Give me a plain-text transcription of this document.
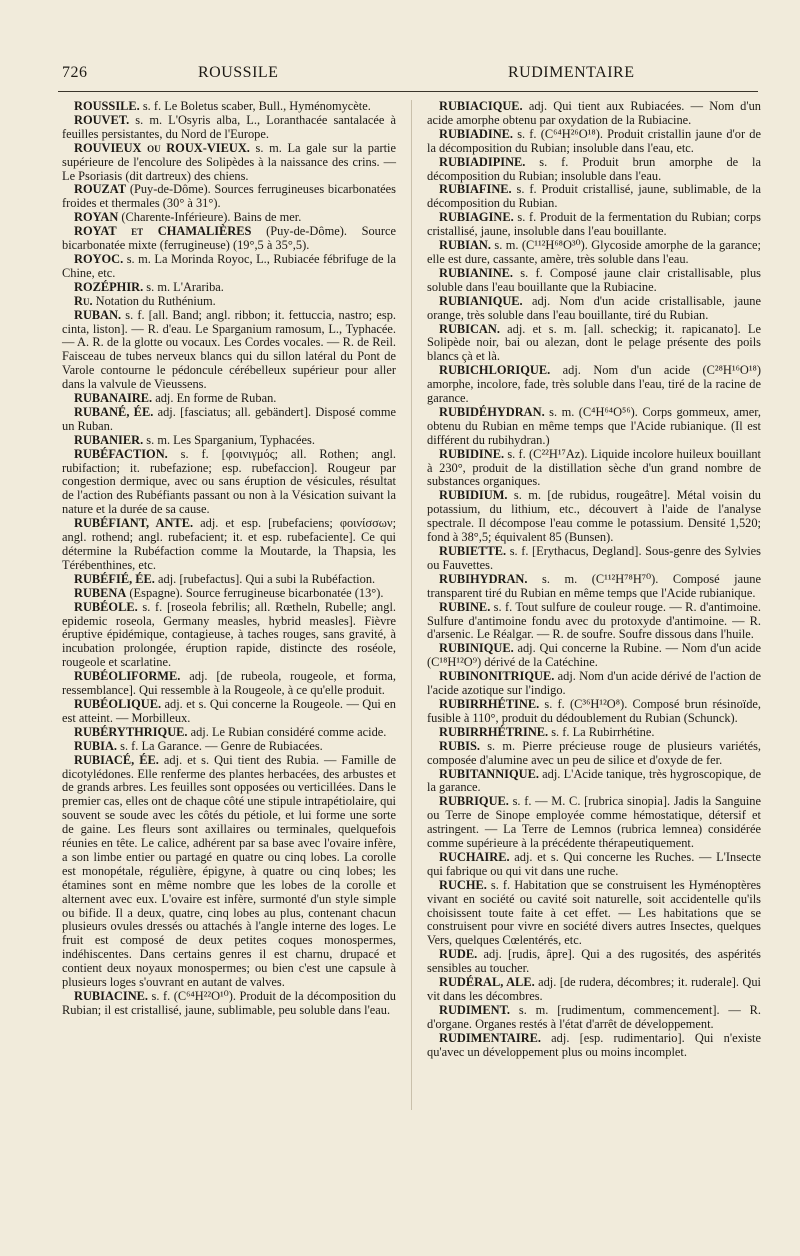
726	ROUSSILE	RUDIMENTAIRE

ROUSSILE. s. f. Le Boletus scaber, Bull., Hyménomycète.

ROUVET. s. m. L'Osyris alba, L., Loranthacée santalacée à feuilles persistantes, du Nord de l'Europe.

ROUVIEUX ou ROUX-VIEUX. s. m. La gale sur la partie supérieure de l'encolure des Solipèdes à la naissance des crins. — Le Psoriasis (dit dartreux) des chiens.

ROUZAT (Puy-de-Dôme). Sources ferrugineuses bicarbonatées froides et thermales (30° à 31°).

ROYAN (Charente-Inférieure). Bains de mer.

ROYAT et CHAMALIÈRES (Puy-de-Dôme). Source bicarbonatée mixte (ferrugineuse) (19°,5 à 35°,5).

ROYOC. s. m. La Morinda Royoc, L., Rubiacée fébrifuge de la Chine, etc.

ROZÉPHIR. s. m. L'Arariba.

Ru. Notation du Ruthénium.

RUBAN. s. f. [all. Band; angl. ribbon; it. fettuccia, nastro; esp. cinta, liston]. — R. d'eau. Le Sparganium ramosum, L., Typhacée. — A. R. de la glotte ou vocaux. Les Cordes vocales. — R. de Reil. Faisceau de tubes nerveux blancs qui du sillon latéral du Pont de Varole contourne le pédoncule cérébelleux supérieur pour aller dans la valvule de Vieussens.

RUBANAIRE. adj. En forme de Ruban.

RUBANÉ, ÉE. adj. [fasciatus; all. gebändert]. Disposé comme un Ruban.

RUBANIER. s. m. Les Sparganium, Typhacées.

RUBÉFACTION. s. f. [φοινιγμός; all. Rothen; angl. rubifaction; it. rubefazione; esp. rubefaccion]. Rougeur par congestion dermique, avec ou sans éruption de vésicules, résultat de l'action des Rubéfiants passant ou non à la Vésication suivant la nature et la durée de sa cause.

RUBÉFIANT, ANTE. adj. et esp. [rubefaciens; φοινίσσων; angl. rothend; angl. rubefacient; it. et esp. rubefaciente]. Ce qui détermine la Rubéfaction comme la Moutarde, la Thapsia, les Térébenthines, etc.

RUBÉFIÉ, ÉE. adj. [rubefactus]. Qui a subi la Rubéfaction.

RUBENA (Espagne). Source ferrugineuse bicarbonatée (13°).

RUBÉOLE. s. f. [roseola febrilis; all. Rœtheln, Rubelle; angl. epidemic roseola, Germany measles, hybrid measles]. Fièvre éruptive épidémique, contagieuse, à taches rouges, sans gravité, à incubation prolongée, éruption rapide, distincte des roséole, rougeole et scarlatine.

RUBÉOLIFORME. adj. [de rubeola, rougeole, et forma, ressemblance]. Qui ressemble à la Rougeole, à ce qu'elle produit.

RUBÉOLIQUE. adj. et s. Qui concerne la Rougeole. — Qui en est atteint. — Morbilleux.

RUBÉRYTHRIQUE. adj. Le Rubian considéré comme acide.

RUBIA. s. f. La Garance. — Genre de Rubiacées.

RUBIACÉ, ÉE. adj. et s. Qui tient des Rubia. — Famille de dicotylédones. Elle renferme des plantes herbacées, des arbustes et de grands arbres. Les feuilles sont opposées ou verticillées. Dans le premier cas, elles ont de chaque côté une stipule intrapétiolaire, qui souvent se soude avec les côtés du pétiole, et lui forme une sorte de gaine. Les fleurs sont axillaires ou terminales, quelquefois réunies en tête. Le calice, adhérent par sa base avec l'ovaire infère, a son limbe entier ou partagé en quatre ou cinq lobes. La corolle est monopétale, régulière, épigyne, à quatre ou cinq lobes; les étamines sont en même nombre que les lobes de la corolle et alternent avec eux. L'ovaire est infère, surmonté d'un style simple ou bifide. Il a deux, quatre, cinq lobes au plus, contenant chacun plusieurs ovules dressés ou attachés à l'angle interne des loges. Le fruit est composé de deux petites coques monospermes, indéhiscentes. Dans certains genres il est charnu, drupacé et contient deux noyaux monospermes; ou bien c'est une capsule à plusieurs loges s'ouvrant en autant de valves.

RUBIACINE. s. f. (C⁶⁴H²²O¹⁰). Produit de la décomposition du Rubian; il est cristallisé, jaune, sublimable, peu soluble dans l'eau.

RUBIACIQUE. adj. Qui tient aux Rubiacées. — Nom d'un acide amorphe obtenu par oxydation de la Rubiacine.

RUBIADINE. s. f. (C⁶⁴H²⁶O¹⁸). Produit cristallin jaune d'or de la décomposition du Rubian; insoluble dans l'eau, etc.

RUBIADIPINE. s. f. Produit brun amorphe de la décomposition du Rubian; insoluble dans l'eau.

RUBIAFINE. s. f. Produit cristallisé, jaune, sublimable, de la décomposition du Rubian.

RUBIAGINE. s. f. Produit de la fermentation du Rubian; corps cristallisé, jaune, insoluble dans l'eau bouillante.

RUBIAN. s. m. (C¹¹²H⁶⁸O³⁰). Glycoside amorphe de la garance; elle est dure, cassante, amère, très soluble dans l'eau.

RUBIANINE. s. f. Composé jaune clair cristallisable, plus soluble dans l'eau bouillante que la Rubiacine.

RUBIANIQUE. adj. Nom d'un acide cristallisable, jaune orange, très soluble dans l'eau bouillante, tiré du Rubian.

RUBICAN. adj. et s. m. [all. scheckig; it. rapicanato]. Le Solipède noir, bai ou alezan, dont le pelage présente des poils blancs çà et là.

RUBICHLORIQUE. adj. Nom d'un acide (C²⁸H¹⁶O¹⁸) amorphe, incolore, fade, très soluble dans l'eau, tiré de la racine de garance.

RUBIDÉHYDRAN. s. m. (C⁴H⁶⁴O⁵⁶). Corps gommeux, amer, obtenu du Rubian en même temps que l'Acide rubianique. (Il est différent du rubihydran.)

RUBIDINE. s. f. (C²²H¹⁷Az). Liquide incolore huileux bouillant à 230°, produit de la distillation sèche d'un grand nombre de substances organiques.

RUBIDIUM. s. m. [de rubidus, rougeâtre]. Métal voisin du potassium, du lithium, etc., découvert à l'aide de l'analyse spectrale. Il décompose l'eau comme le potassium. Densité 1,520; fond à 38°,5; équivalent 85 (Bunsen).

RUBIETTE. s. f. [Erythacus, Degland]. Sous-genre des Sylvies ou Fauvettes.

RUBIHYDRAN. s. m. (C¹¹²H⁷⁸H⁷⁰). Composé jaune transparent tiré du Rubian en même temps que l'Acide rubianique.

RUBINE. s. f. Tout sulfure de couleur rouge. — R. d'antimoine. Sulfure d'antimoine fondu avec du protoxyde d'antimoine. — R. d'arsenic. Le Réalgar. — R. de soufre. Soufre dissous dans l'huile.

RUBINIQUE. adj. Qui concerne la Rubine. — Nom d'un acide (C¹⁸H¹²O⁹) dérivé de la Catéchine.

RUBINONITRIQUE. adj. Nom d'un acide dérivé de l'action de l'acide azotique sur l'indigo.

RUBIRRHÉTINE. s. f. (C³⁶H¹²O⁸). Composé brun résinoïde, fusible à 110°, produit du dédoublement du Rubian (Schunck).

RUBIRRHÉTRINE. s. f. La Rubirrhétine.

RUBIS. s. m. Pierre précieuse rouge de plusieurs variétés, composée d'alumine avec un peu de silice et d'oxyde de fer.

RUBITANNIQUE. adj. L'Acide tanique, très hygroscopique, de la garance.

RUBRIQUE. s. f. — M. C. [rubrica sinopia]. Jadis la Sanguine ou Terre de Sinope employée comme hémostatique, détersif et astringent. — La Terre de Lemnos (rubrica lemnea) considérée comme supérieure à la précédente thérapeutiquement.

RUCHAIRE. adj. et s. Qui concerne les Ruches. — L'Insecte qui fabrique ou qui vit dans une ruche.

RUCHE. s. f. Habitation que se construisent les Hyménoptères vivant en société ou cavité soit naturelle, soit accidentelle qu'ils choisissent toute faite à cet effet. — Les habitations que se construisent pour vivre en société divers autres Insectes, quelques Vers, quelques Cœlentérés, etc.

RUDE. adj. [rudis, âpre]. Qui a des rugosités, des aspérités sensibles au toucher.

RUDÉRAL, ALE. adj. [de rudera, décombres; it. ruderale]. Qui vit dans les décombres.

RUDIMENT. s. m. [rudimentum, commencement]. — R. d'organe. Organes restés à l'état d'arrêt de développement.

RUDIMENTAIRE. adj. [esp. rudimentario]. Qui n'existe qu'avec un développement plus ou moins incomplet.
